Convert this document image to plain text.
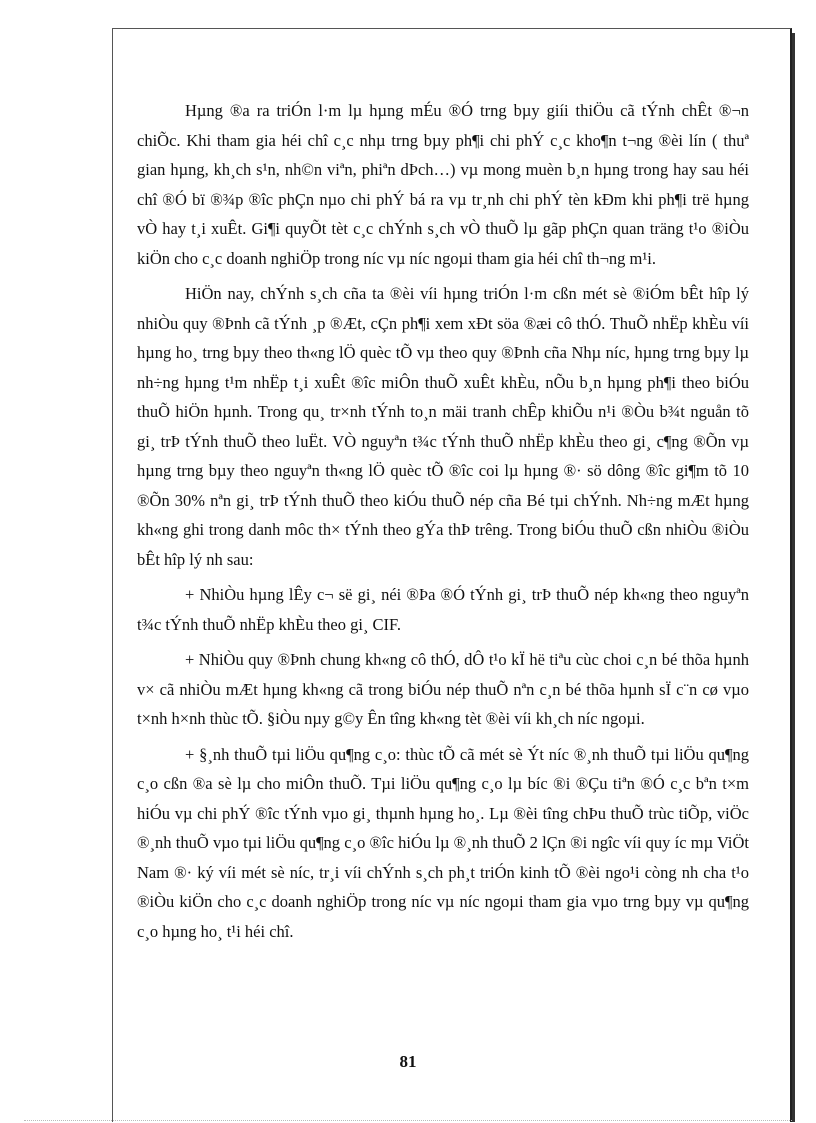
Hµng ®a ra triÓn l·m lµ hµng mÉu ®Ó trng bµy giíi thiÖu cã tÝnh chÊt ®¬n chiÕc. Khi tham gia héi chî c¸c nhµ trng bµy ph¶i chi phÝ c¸c kho¶n t¬ng ®èi lín ( thuª gian hµng, kh¸ch s¹n, nh©n viªn, phiªn dÞch…) vµ mong muèn b¸n hµng trong hay sau héi chî ®Ó bï ®¾p ®îc phÇn nµo chi phÝ bá ra vµ tr¸nh chi phÝ tèn kÐm khi ph¶i trë hµng vÒ hay t¸i xuÊt. Gi¶i quyÕt tèt c¸c chÝnh s¸ch vÒ thuÕ lµ gãp phÇn quan träng t¹o ®iÒu kiÖn cho c¸c doanh nghiÖp trong níc vµ níc ngoµi tham gia héi chî th¬ng m¹i.

HiÖn nay, chÝnh s¸ch cña ta ®èi víi hµng triÓn l·m cßn mét sè ®iÓm bÊt hîp lý nhiÒu quy ®Þnh cã tÝnh ¸p ®Æt, cÇn ph¶i xem xÐt söa ®æi cô thÓ. ThuÕ nhËp khÈu víi hµng ho¸ trng bµy theo th«ng lÖ quèc tÕ vµ theo quy ®Þnh cña Nhµ níc, hµng trng bµy lµ nh÷ng hµng t¹m nhËp t¸i xuÊt ®îc miÔn thuÕ xuÊt khÈu, nÕu b¸n hµng ph¶i theo biÓu thuÕ hiÖn hµnh. Trong qu¸ tr×nh tÝnh to¸n mäi tranh chÊp khiÕu n¹i ®Òu b¾t nguån tõ gi¸ trÞ tÝnh thuÕ theo luËt. VÒ nguyªn t¾c tÝnh thuÕ nhËp khÈu theo gi¸ c¶ng ®Õn vµ hµng trng bµy theo nguyªn th«ng lÖ quèc tÕ ®îc coi lµ hµng ®· sö dông ®îc gi¶m tõ 10 ®Õn 30% nªn gi¸ trÞ tÝnh thuÕ theo kiÓu thuÕ nép cña Bé tµi chÝnh. Nh÷ng mÆt hµng kh«ng ghi trong danh môc th× tÝnh theo gÝa thÞ trêng. Trong biÓu thuÕ cßn nhiÒu ®iÒu bÊt hîp lý nh sau:

+ NhiÒu hµng lÊy c¬ së gi¸ néi ®Þa ®Ó tÝnh gi¸ trÞ thuÕ nép kh«ng theo nguyªn t¾c tÝnh thuÕ nhËp khÈu theo gi¸ CIF.

+ NhiÒu quy ®Þnh chung kh«ng cô thÓ, dÔ t¹o kÏ hë tiªu cùc choi c¸n bé thõa hµnh v× cã nhiÒu mÆt hµng kh«ng cã trong biÓu nép thuÕ nªn c¸n bé thõa hµnh sÏ c¨n cø vµo t×nh h×nh thùc tÕ. §iÒu nµy g©y Ên tîng kh«ng tèt ®èi víi kh¸ch níc ngoµi.

+ §¸nh thuÕ tµi liÖu qu¶ng c¸o: thùc tÕ cã mét sè Ýt níc ®¸nh thuÕ tµi liÖu qu¶ng c¸o cßn ®a sè lµ cho miÔn thuÕ. Tµi liÖu qu¶ng c¸o lµ bíc ®i ®Çu tiªn ®Ó c¸c bªn t×m hiÓu vµ chi phÝ ®îc tÝnh vµo gi¸ thµnh hµng ho¸. Lµ ®èi tîng chÞu thuÕ trùc tiÕp, viÖc ®¸nh thuÕ vµo tµi liÖu qu¶ng c¸o ®îc hiÓu lµ ®¸nh thuÕ 2 lÇn ®i ngîc víi quy íc mµ ViÖt Nam ®· ký víi mét sè níc, tr¸i víi chÝnh s¸ch ph¸t triÓn kinh tÕ ®èi ngo¹i còng nh cha t¹o ®iÒu kiÖn cho c¸c doanh nghiÖp trong níc vµ níc ngoµi tham gia vµo trng bµy vµ qu¶ng c¸o hµng ho¸ t¹i héi chî.

81
